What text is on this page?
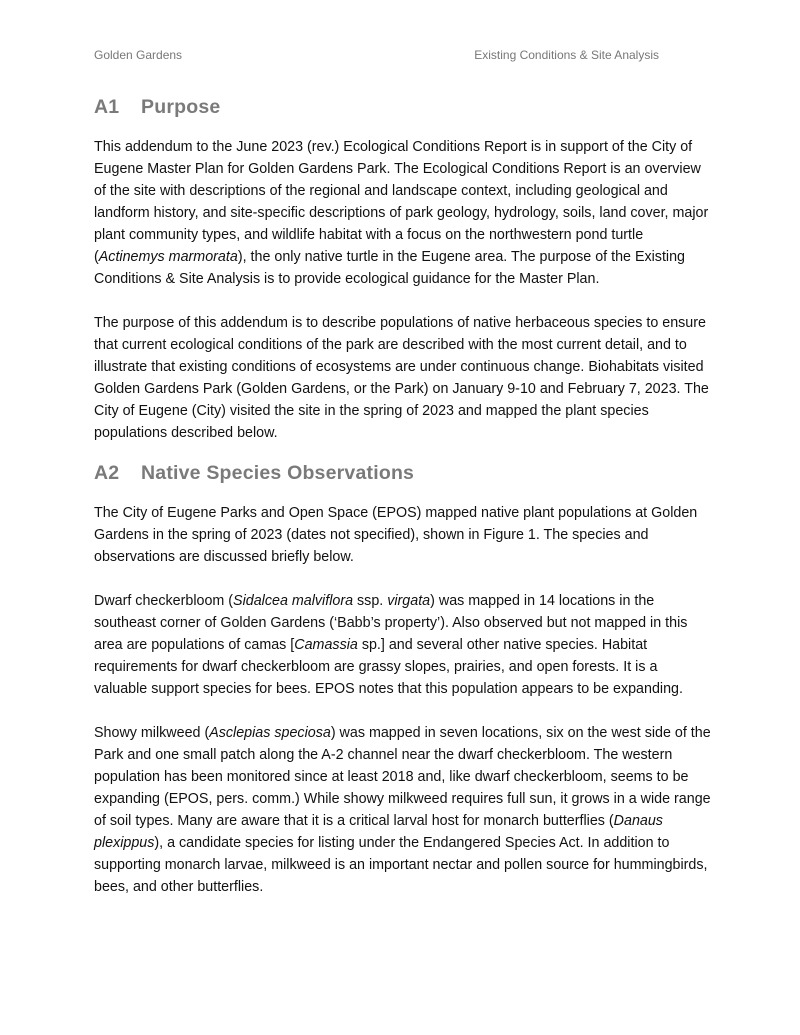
Golden Gardens	Existing Conditions & Site Analysis
A1 Purpose

This addendum to the June 2023 (rev.) Ecological Conditions Report is in support of the City of Eugene Master Plan for Golden Gardens Park. The Ecological Conditions Report is an overview of the site with descriptions of the regional and landscape context, including geological and landform history, and site-specific descriptions of park geology, hydrology, soils, land cover, major plant community types, and wildlife habitat with a focus on the northwestern pond turtle (Actinemys marmorata), the only native turtle in the Eugene area. The purpose of the Existing Conditions & Site Analysis is to provide ecological guidance for the Master Plan.

The purpose of this addendum is to describe populations of native herbaceous species to ensure that current ecological conditions of the park are described with the most current detail, and to illustrate that existing conditions of ecosystems are under continuous change. Biohabitats visited Golden Gardens Park (Golden Gardens, or the Park) on January 9-10 and February 7, 2023. The City of Eugene (City) visited the site in the spring of 2023 and mapped the plant species populations described below.

A2 Native Species Observations

The City of Eugene Parks and Open Space (EPOS) mapped native plant populations at Golden Gardens in the spring of 2023 (dates not specified), shown in Figure 1. The species and observations are discussed briefly below.

Dwarf checkerbloom (Sidalcea malviflora ssp. virgata) was mapped in 14 locations in the southeast corner of Golden Gardens (‘Babb’s property’). Also observed but not mapped in this area are populations of camas [Camassia sp.] and several other native species. Habitat requirements for dwarf checkerbloom are grassy slopes, prairies, and open forests. It is a valuable support species for bees. EPOS notes that this population appears to be expanding.

Showy milkweed (Asclepias speciosa) was mapped in seven locations, six on the west side of the Park and one small patch along the A-2 channel near the dwarf checkerbloom. The western population has been monitored since at least 2018 and, like dwarf checkerbloom, seems to be expanding (EPOS, pers. comm.) While showy milkweed requires full sun, it grows in a wide range of soil types. Many are aware that it is a critical larval host for monarch butterflies (Danaus plexippus), a candidate species for listing under the Endangered Species Act. In addition to supporting monarch larvae, milkweed is an important nectar and pollen source for hummingbirds, bees, and other butterflies.
